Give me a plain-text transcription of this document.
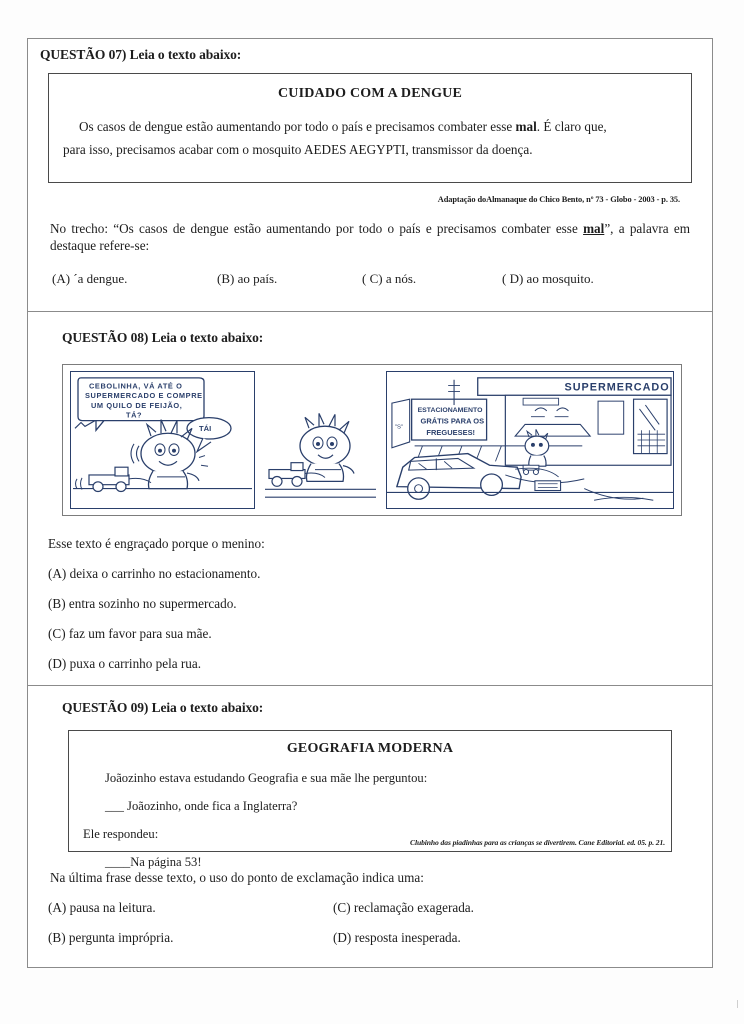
QUESTÃO 07) Leia o texto abaixo:
CUIDADO COM A DENGUE
Os casos de dengue estão aumentando por todo o país e precisamos combater esse mal. É claro que,
para isso, precisamos acabar com o mosquito AEDES AEGYPTI, transmissor da doença.
Adaptação doAlmanaque do Chico Bento, nº 73 - Globo - 2003 - p. 35.
No trecho: “Os casos de dengue estão aumentando por todo o país e precisamos combater esse mal”, a palavra em destaque refere-se:
(A) ´a dengue.	(B) ao país.	( C) a nós.	( D) ao mosquito.
QUESTÃO 08) Leia o texto abaixo:
CEBOLINHA, VÁ ATÉ O
SUPERMERCADO E COMPRE
UM QUILO DE FEIJÃO,
TÁ?
TÁI
SUPERMERCADO
ESTACIONAMENTO
GRÁTIS PARA OS
FREGUESES!
"S"
Esse texto é engraçado porque o menino:
(A) deixa o carrinho no estacionamento.
(B) entra sozinho no supermercado.
(C) faz um favor para sua mãe.
(D) puxa o carrinho pela rua.
QUESTÃO 09) Leia o texto abaixo:
GEOGRAFIA MODERNA
Joãozinho estava estudando Geografia e sua mãe lhe perguntou:
___ Joãozinho, onde fica a Inglaterra?
Ele respondeu:
____Na página 53!
Clubinho das piadinhas para as crianças se divertirem. Cane Editorial. ed. 05. p. 21.
Na última frase desse texto, o uso do ponto de exclamação indica uma:
(A) pausa na leitura.	(C) reclamação exagerada.
(B) pergunta imprópria.	(D) resposta inesperada.
